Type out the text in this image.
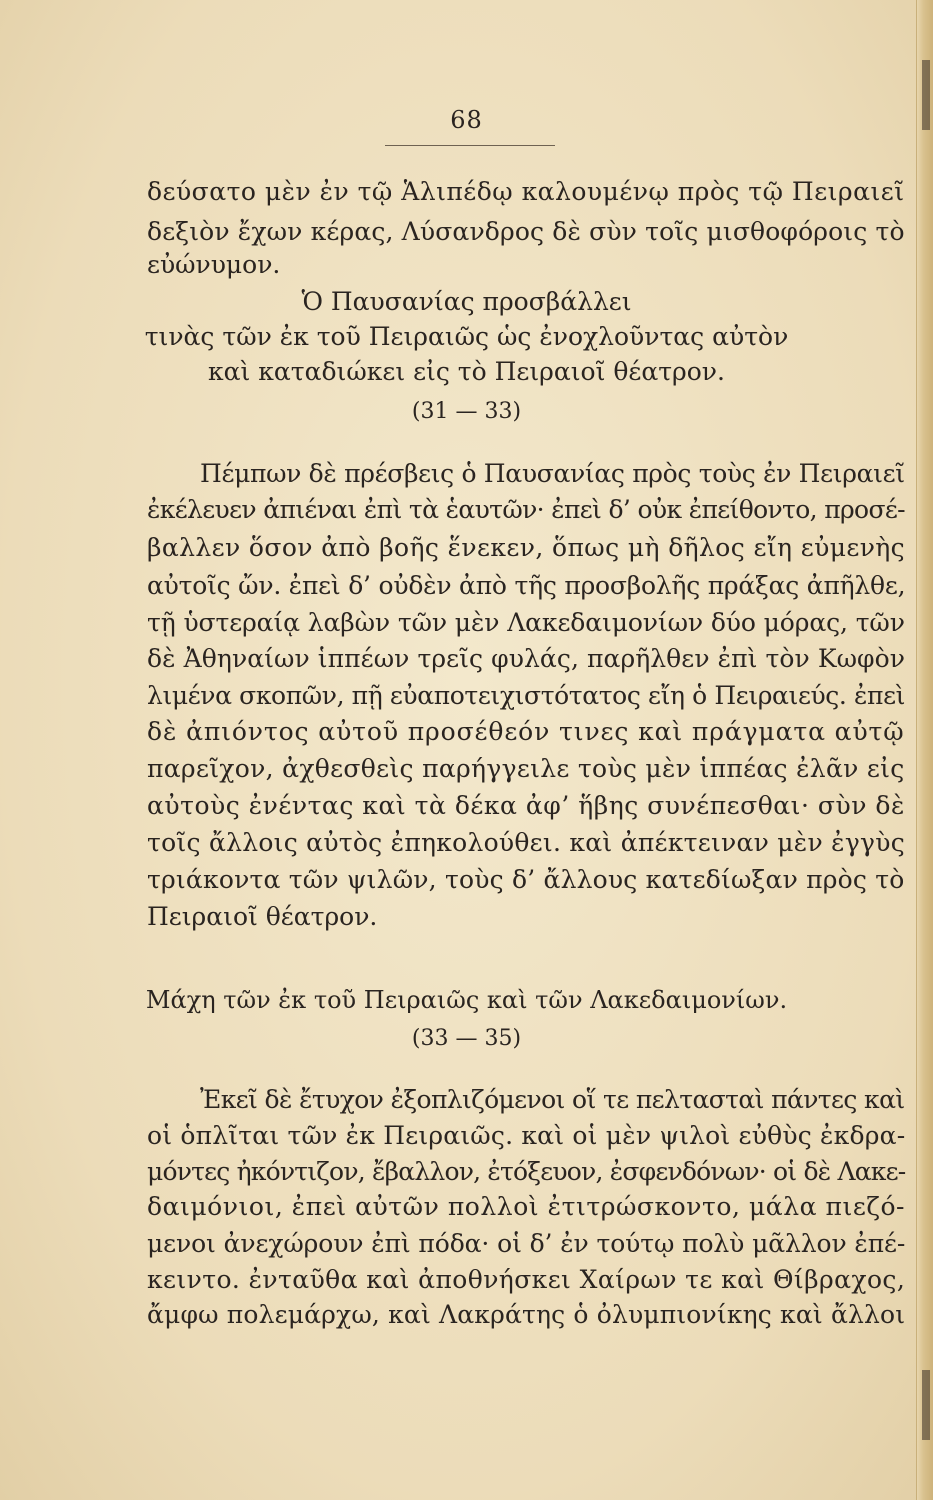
68
δεύσατο μὲν ἐν τῷ Ἁλιπέδῳ καλουμένῳ πρὸς τῷ Πειραιεῖ
δεξιὸν ἔχων κέρας, Λύσανδρος δὲ σὺν τοῖς μισθοφόροις τὸ
εὐώνυμον.
Ὁ Παυσανίας προσβάλλει
τινὰς τῶν ἐκ τοῦ Πειραιῶς ὡς ἐνοχλοῦντας αὐτὸν
καὶ καταδιώκει εἰς τὸ Πειραιοῖ θέατρον.
(31 — 33)
Πέμπων δὲ πρέσβεις ὁ Παυσανίας πρὸς τοὺς ἐν Πειραιεῖ
ἐκέλευεν ἀπιέναι ἐπὶ τὰ ἑαυτῶν· ἐπεὶ δ’ οὐκ ἐπείθοντο, προσέ-
βαλλεν ὅσον ἀπὸ βοῆς ἕνεκεν, ὅπως μὴ δῆλος εἴη εὐμενὴς
αὐτοῖς ὤν. ἐπεὶ δ’ οὐδὲν ἀπὸ τῆς προσβολῆς πράξας ἀπῆλθε,
τῇ ὑστεραίᾳ λαβὼν τῶν μὲν Λακεδαιμονίων δύο μόρας, τῶν
δὲ Ἀθηναίων ἱππέων τρεῖς φυλάς, παρῆλθεν ἐπὶ τὸν Κωφὸν
λιμένα σκοπῶν, πῇ εὐαποτειχιστότατος εἴη ὁ Πειραιεύς. ἐπεὶ
δὲ ἀπιόντος αὐτοῦ προσέθεόν τινες καὶ πράγματα αὐτῷ
παρεῖχον, ἀχθεσθεὶς παρήγγειλε τοὺς μὲν ἱππέας ἐλᾶν εἰς
αὐτοὺς ἐνέντας καὶ τὰ δέκα ἀφ’ ἥβης συνέπεσθαι· σὺν δὲ
τοῖς ἄλλοις αὐτὸς ἐπηκολούθει. καὶ ἀπέκτειναν μὲν ἐγγὺς
τριάκοντα τῶν ψιλῶν, τοὺς δ’ ἄλλους κατεδίωξαν πρὸς τὸ
Πειραιοῖ θέατρον.
Μάχη τῶν ἐκ τοῦ Πειραιῶς καὶ τῶν Λακεδαιμονίων.
(33 — 35)
Ἐκεῖ δὲ ἔτυχον ἐξοπλιζόμενοι οἵ τε πελτασταὶ πάντες καὶ
οἱ ὁπλῖται τῶν ἐκ Πειραιῶς. καὶ οἱ μὲν ψιλοὶ εὐθὺς ἐκδρα-
μόντες ἠκόντιζον, ἔβαλλον, ἐτόξευον, ἐσφενδόνων· οἱ δὲ Λακε-
δαιμόνιοι, ἐπεὶ αὐτῶν πολλοὶ ἐτιτρώσκοντο, μάλα πιεζό-
μενοι ἀνεχώρουν ἐπὶ πόδα· οἱ δ’ ἐν τούτῳ πολὺ μᾶλλον ἐπέ-
κειντο. ἐνταῦθα καὶ ἀποθνήσκει Χαίρων τε καὶ Θίβραχος,
ἄμφω πολεμάρχω, καὶ Λακράτης ὁ ὀλυμπιονίκης καὶ ἄλλοι
